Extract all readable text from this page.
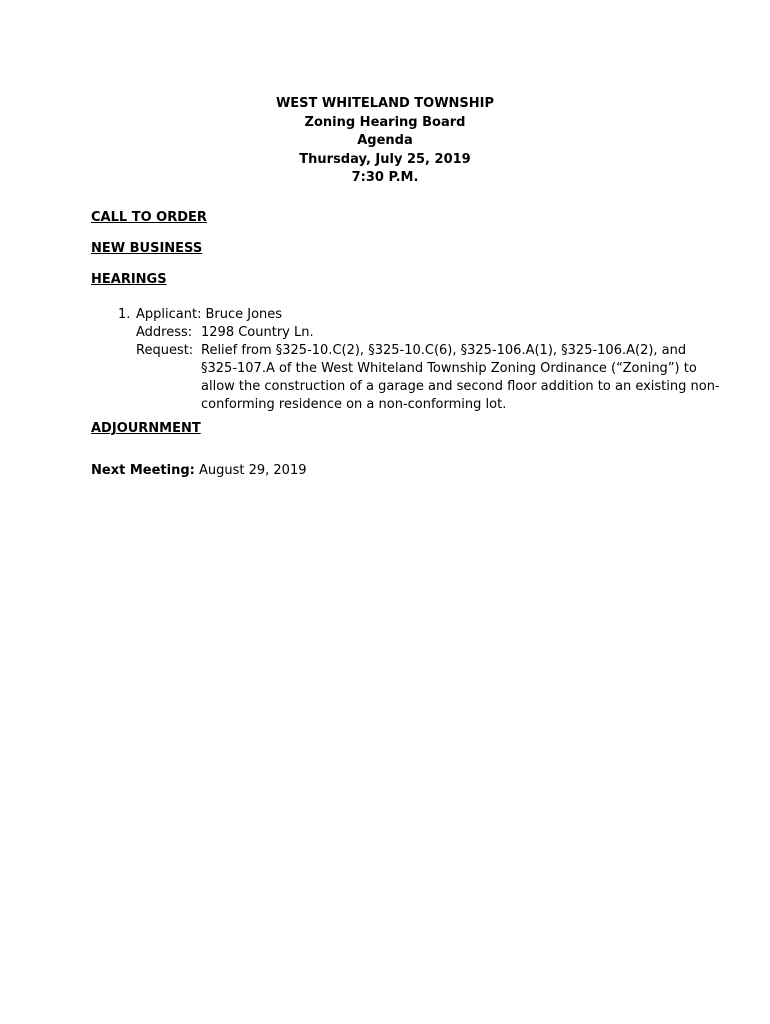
WEST WHITELAND TOWNSHIP
Zoning Hearing Board
Agenda
Thursday, July 25, 2019
7:30 P.M.
CALL TO ORDER
NEW BUSINESS
HEARINGS
1. Applicant: Bruce Jones
Address: 1298 Country Ln.
Request: Relief from §325-10.C(2), §325-10.C(6), §325-106.A(1), §325-106.A(2), and
§325-107.A of the West Whiteland Township Zoning Ordinance (“Zoning”) to
allow the construction of a garage and second floor addition to an existing non-
conforming residence on a non-conforming lot.
ADJOURNMENT
Next Meeting: August 29, 2019
